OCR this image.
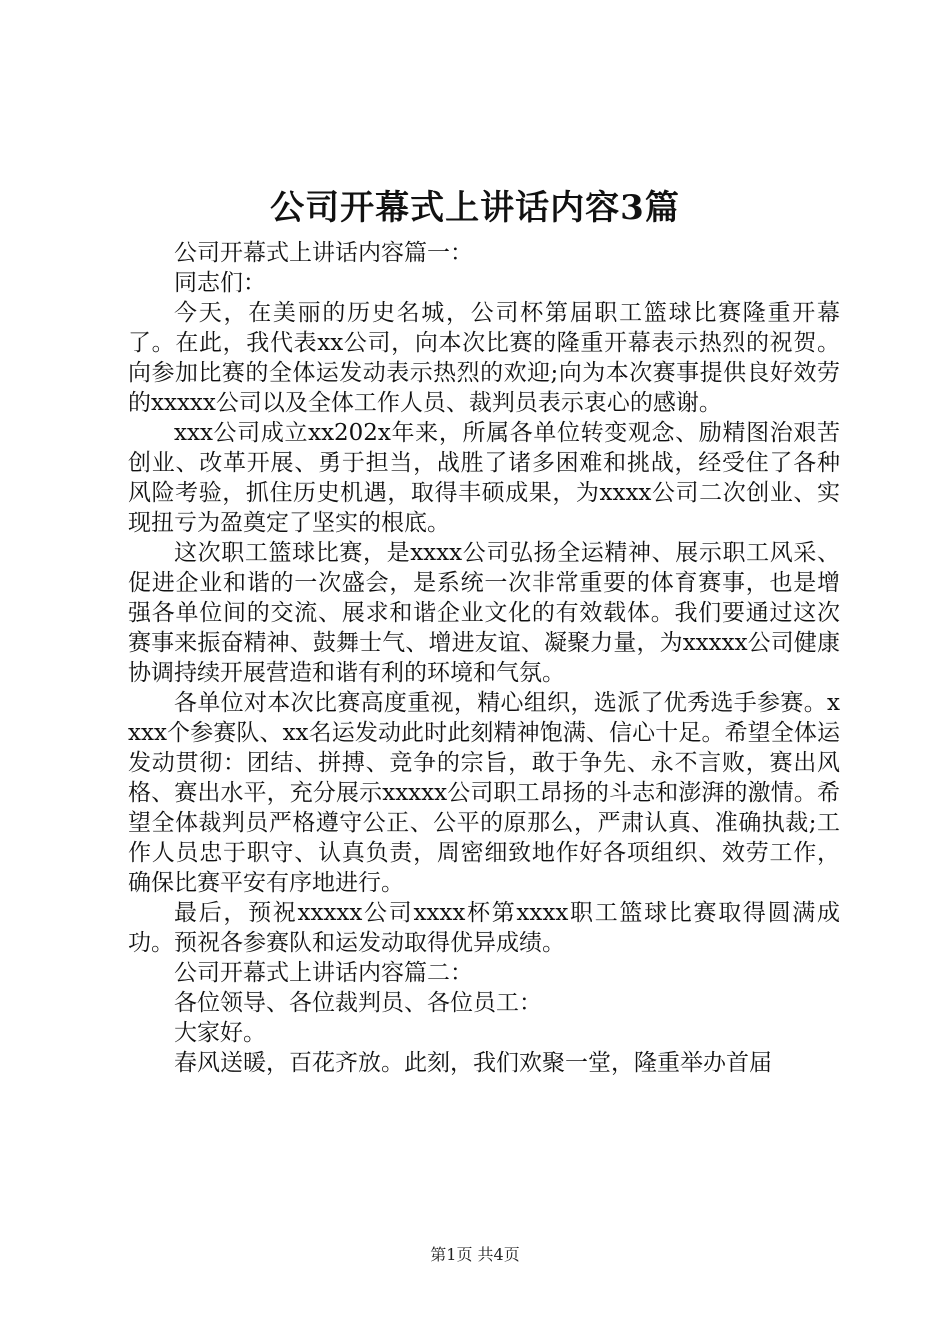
公司开幕式上讲话内容3篇

公司开幕式上讲话内容篇一：

同志们：

今天，在美丽的历史名城，公司杯第届职工篮球比赛隆重开幕了。在此，我代表xx公司，向本次比赛的隆重开幕表示热烈的祝贺。向参加比赛的全体运发动表示热烈的欢迎;向为本次赛事提供良好效劳的xxxxx公司以及全体工作人员、裁判员表示衷心的感谢。

xxx公司成立xx202x年来，所属各单位转变观念、励精图治艰苦创业、改革开展、勇于担当，战胜了诸多困难和挑战，经受住了各种风险考验，抓住历史机遇，取得丰硕成果，为xxxx公司二次创业、实现扭亏为盈奠定了坚实的根底。

这次职工篮球比赛，是xxxx公司弘扬全运精神、展示职工风采、促进企业和谐的一次盛会，是系统一次非常重要的体育赛事，也是增强各单位间的交流、展求和谐企业文化的有效载体。我们要通过这次赛事来振奋精神、鼓舞士气、增进友谊、凝聚力量，为xxxxx公司健康协调持续开展营造和谐有利的环境和气氛。

各单位对本次比赛高度重视，精心组织，选派了优秀选手参赛。xxxx个参赛队、xx名运发动此时此刻精神饱满、信心十足。希望全体运发动贯彻：团结、拼搏、竞争的宗旨，敢于争先、永不言败，赛出风格、赛出水平，充分展示xxxxx公司职工昂扬的斗志和澎湃的激情。希望全体裁判员严格遵守公正、公平的原那么，严肃认真、准确执裁;工作人员忠于职守、认真负责，周密细致地作好各项组织、效劳工作，确保比赛平安有序地进行。

最后，预祝xxxxx公司xxxx杯第xxxx职工篮球比赛取得圆满成功。预祝各参赛队和运发动取得优异成绩。

公司开幕式上讲话内容篇二：

各位领导、各位裁判员、各位员工：

大家好。

春风送暖，百花齐放。此刻，我们欢聚一堂，隆重举办首届

第1页 共4页
